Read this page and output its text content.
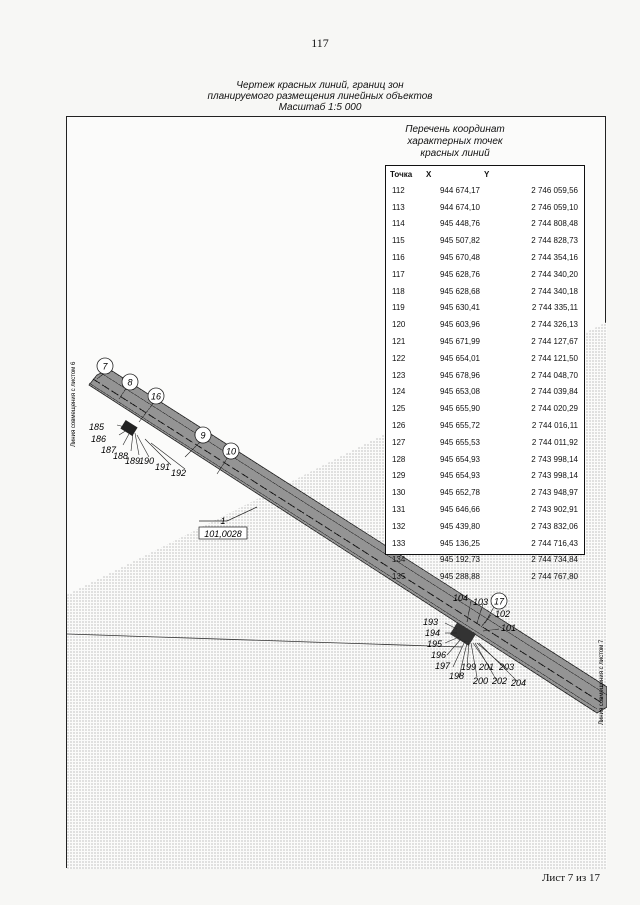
117
Чертеж красных линий, границ зон
планируемого размещения линейных объектов
Масштаб 1:5 000
7
8
16
9
10
17
185
186
187
188
189
190
191
192
104 103
102
101
193
194
195
196
197
198
199
200
201
202
203
204
1
101,0028
Линия совмещения с листом 6
Линия совмещения с листом 7
Перечень координат
характерных точек
красных линий
Точка	X	Y
112	944 674,17	2 746 059,56
113	944 674,10	2 746 059,10
114	945 448,76	2 744 808,48
115	945 507,82	2 744 828,73
116	945 670,48	2 744 354,16
117	945 628,76	2 744 340,20
118	945 628,68	2 744 340,18
119	945 630,41	2 744 335,11
120	945 603,96	2 744 326,13
121	945 671,99	2 744 127,67
122	945 654,01	2 744 121,50
123	945 678,96	2 744 048,70
124	945 653,08	2 744 039,84
125	945 655,90	2 744 020,29
126	945 655,72	2 744 016,11
127	945 655,53	2 744 011,92
128	945 654,93	2 743 998,14
129	945 654,93	2 743 998,14
130	945 652,78	2 743 948,97
131	945 646,66	2 743 902,91
132	945 439,80	2 743 832,06
133	945 136,25	2 744 716,43
134	945 192,73	2 744 734,84
135	945 288,88	2 744 767,80
Лист 7 из 17
